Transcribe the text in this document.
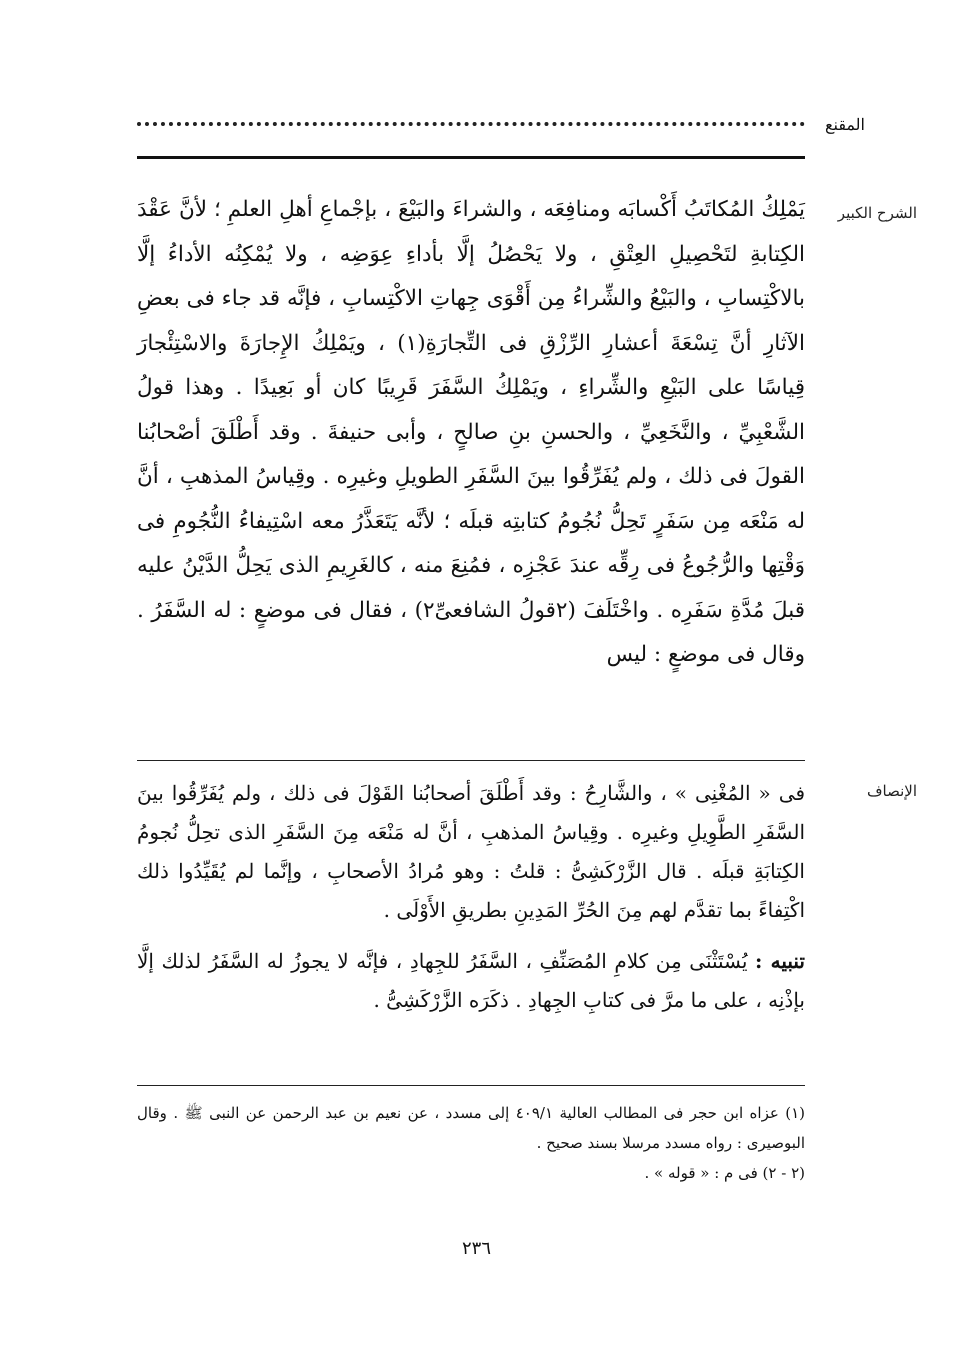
المقنع
الشرح الكبير

يَمْلِكُ المُكاتَبُ أَكْسابَه ومنافِعَه ، والشراءَ والبَيْعَ ، بإجْماعِ أهلِ العلمِ ؛ لأنَّ عَقْدَ الكِتابةِ لتَحْصِيلِ العِتْقِ ، ولا يَحْصُلُ إلَّا بأداءِ عِوَضِه ، ولا يُمْكِنُه الأداءُ إلَّا بالاكْتِسابِ ، والبَيْعُ والشِّراءُ مِن أَقْوَى جِهاتِ الاكْتِسابِ ، فإنَّه قد جاء فى بعضِ الآثارِ أنَّ تِسْعَةَ أعشارِ الرِّزْقِ فى التِّجارَةِ(١) ، ويَمْلِكُ الإِجارَةَ والاسْتِئْجارَ قِياسًا على البَيْعِ والشِّراءِ ، ويَمْلِكُ السَّفَرَ قَرِيبًا كان أو بَعِيدًا . وهذا قولُ الشَّعْبِيِّ ، والنَّخَعِيِّ ، والحسنِ بنِ صالحٍ ، وأبى حنيفةَ . وقد أَطْلَقَ أصْحابُنا القولَ فى ذلك ، ولم يُفَرِّقُوا بينَ السَّفَرِ الطويلِ وغيرِه . وقِياسُ المذهبِ ، أنَّ له مَنْعَه مِن سَفَرٍ تَحِلُّ نُجُومُ كتابتِه قبلَه ؛ لأنَّه يَتَعَذَّرُ معه اسْتِيفاءُ النُّجُومِ فى وَقْتِها والرُّجُوعُ فى رِقِّه عندَ عَجْزِه ، فمُنِعَ منه ، كالغَرِيمِ الذى يَحِلُّ الدَّيْنُ عليه قبلَ مُدَّةِ سَفَرِه . واخْتَلَفَ (٢قولُ الشافعىِّ٢) ، فقال فى موضعٍ : له السَّفَرُ . وقال فى موضعٍ : ليس

الإنصاف

فى « المُغْنِى » ، والشَّارِحُ : وقد أَطْلَقَ أصحابُنا القَوْلَ فى ذلك ، ولم يُفَرِّقُوا بينَ السَّفَرِ الطَّوِيلِ وغيرِه . وقِياسُ المذهبِ ، أنَّ له مَنْعَه مِنَ السَّفَرِ الذى تحِلُّ نُجومُ الكِتابَةِ قبلَه . قال الزَّرْكَشِىُّ : قلتُ : وهو مُرادُ الأصحابِ ، وإنَّما لم يُقَيِّدُوا ذلك اكْتِفاءً بما تقدَّم لهم مِنَ الحُرِّ المَدِينِ بطريقِ الأَوْلَى .

تنبيه : يُسْتَثْنَى مِن كلامِ المُصَنِّفِ ، السَّفَرُ للجِهادِ ، فإنَّه لا يجوزُ له السَّفَرُ لذلك إلَّا بإذْنِه ، على ما مرَّ فى كتابِ الجِهادِ . ذكَرَه الزَّرْكَشِىُّ .

(١) عزاه ابن حجر فى المطالب العالية ٤٠٩/١ إلى مسدد ، عن نعيم بن عبد الرحمن عن النبى ﷺ . وقال البوصيرى : رواه مسدد مرسلا بسند صحيح .

(٢ - ٢) فى م : « قوله » .

٢٣٦
